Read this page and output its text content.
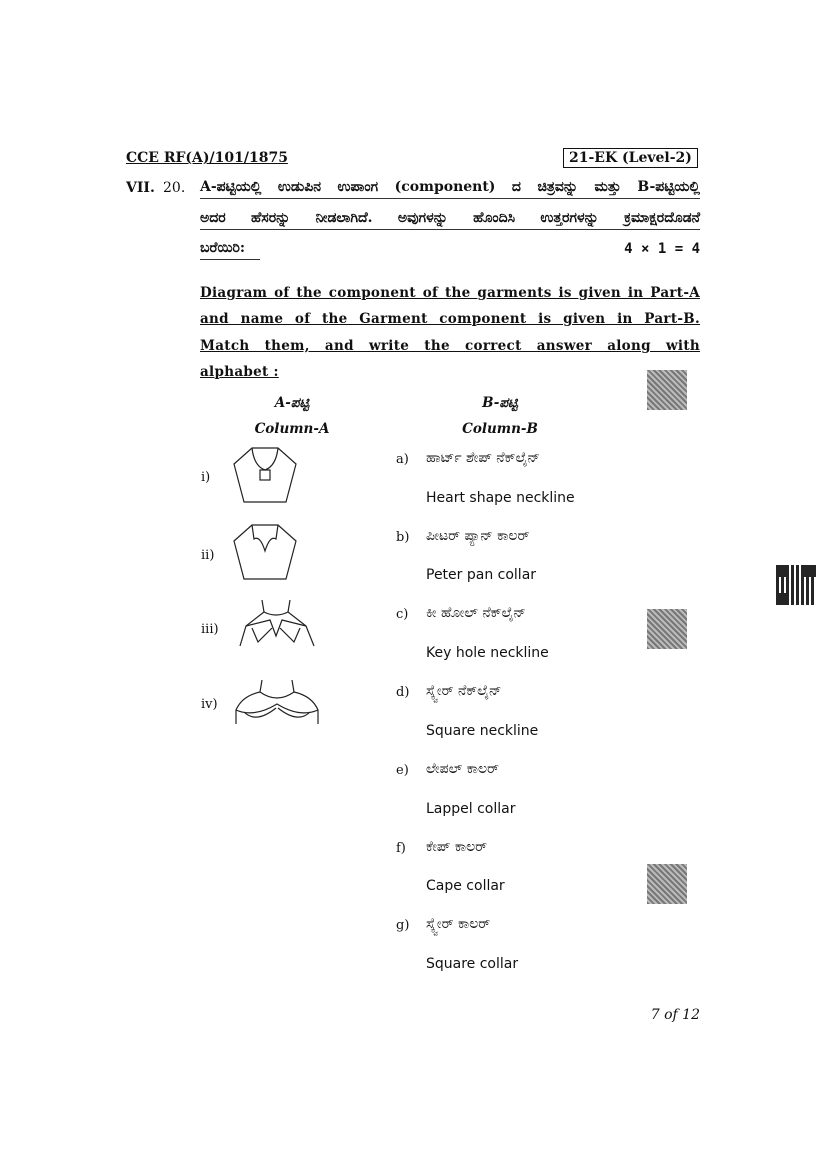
CCE RF(A)/101/1875	21-EK (Level-2)
VII. 20. A-ಪಟ್ಟಿಯಲ್ಲಿ ಉಡುಪಿನ ಉಪಾಂಗ (component) ದ ಚಿತ್ರವನ್ನು ಮತ್ತು B-ಪಟ್ಟಿಯಲ್ಲಿ
ಅದರ ಹೆಸರನ್ನು ನೀಡಲಾಗಿದೆ. ಅವುಗಳನ್ನು ಹೊಂದಿಸಿ ಉತ್ತರಗಳನ್ನು ಕ್ರಮಾಕ್ಷರದೊಡನೆ
ಬರೆಯಿರಿ:	4 × 1 = 4
Diagram of the component of the garments is given in Part-A
and name of the Garment component is given in Part-B.
Match them, and write the correct answer along with
alphabet :
A-ಪಟ್ಟಿ
Column-A
B-ಪಟ್ಟಿ
Column-B
i)
ii)
iii)
iv)
a) ಹಾರ್ಟ್ ಶೇಪ್ ನೆಕ್‌ಲೈನ್
Heart shape neckline
b) ಪೀಟರ್ ಪ್ಯಾನ್ ಕಾಲರ್
Peter pan collar
c) ಕೀ ಹೋಲ್ ನೆಕ್‌ಲೈನ್
Key hole neckline
d) ಸ್ಕ್ವೇರ್ ನೆಕ್‌ಲೈನ್
Square neckline
e) ಲೇಪಲ್ ಕಾಲರ್
Lappel collar
f) ಕೇಪ್ ಕಾಲರ್
Cape collar
g) ಸ್ಕ್ವೇರ್ ಕಾಲರ್
Square collar
7 of 12
